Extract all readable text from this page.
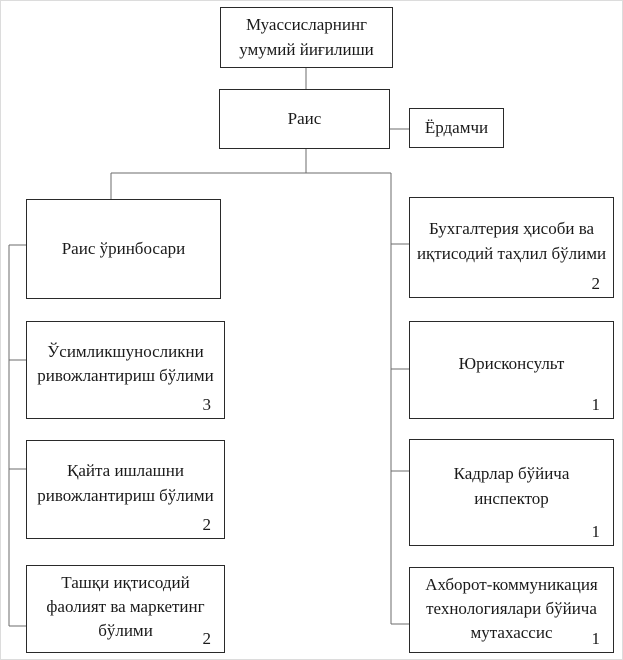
Муассисларнинг умумий йиғилиши
Раис	Ёрдамчи
Раис ўринбосари
Ўсимликшуносликни ривожлантириш бўлими
3
Қайта ишлашни ривожлантириш бўлими
2
Ташқи иқтисодий фаолият ва маркетинг бўлими	2
Бухгалтерия ҳисоби ва иқтисодий таҳлил бўлими
2
Юрисконсульт
1
Кадрлар бўйича инспектор
1
Ахборот-коммуникация технологиялари бўйича мутахассис	1
